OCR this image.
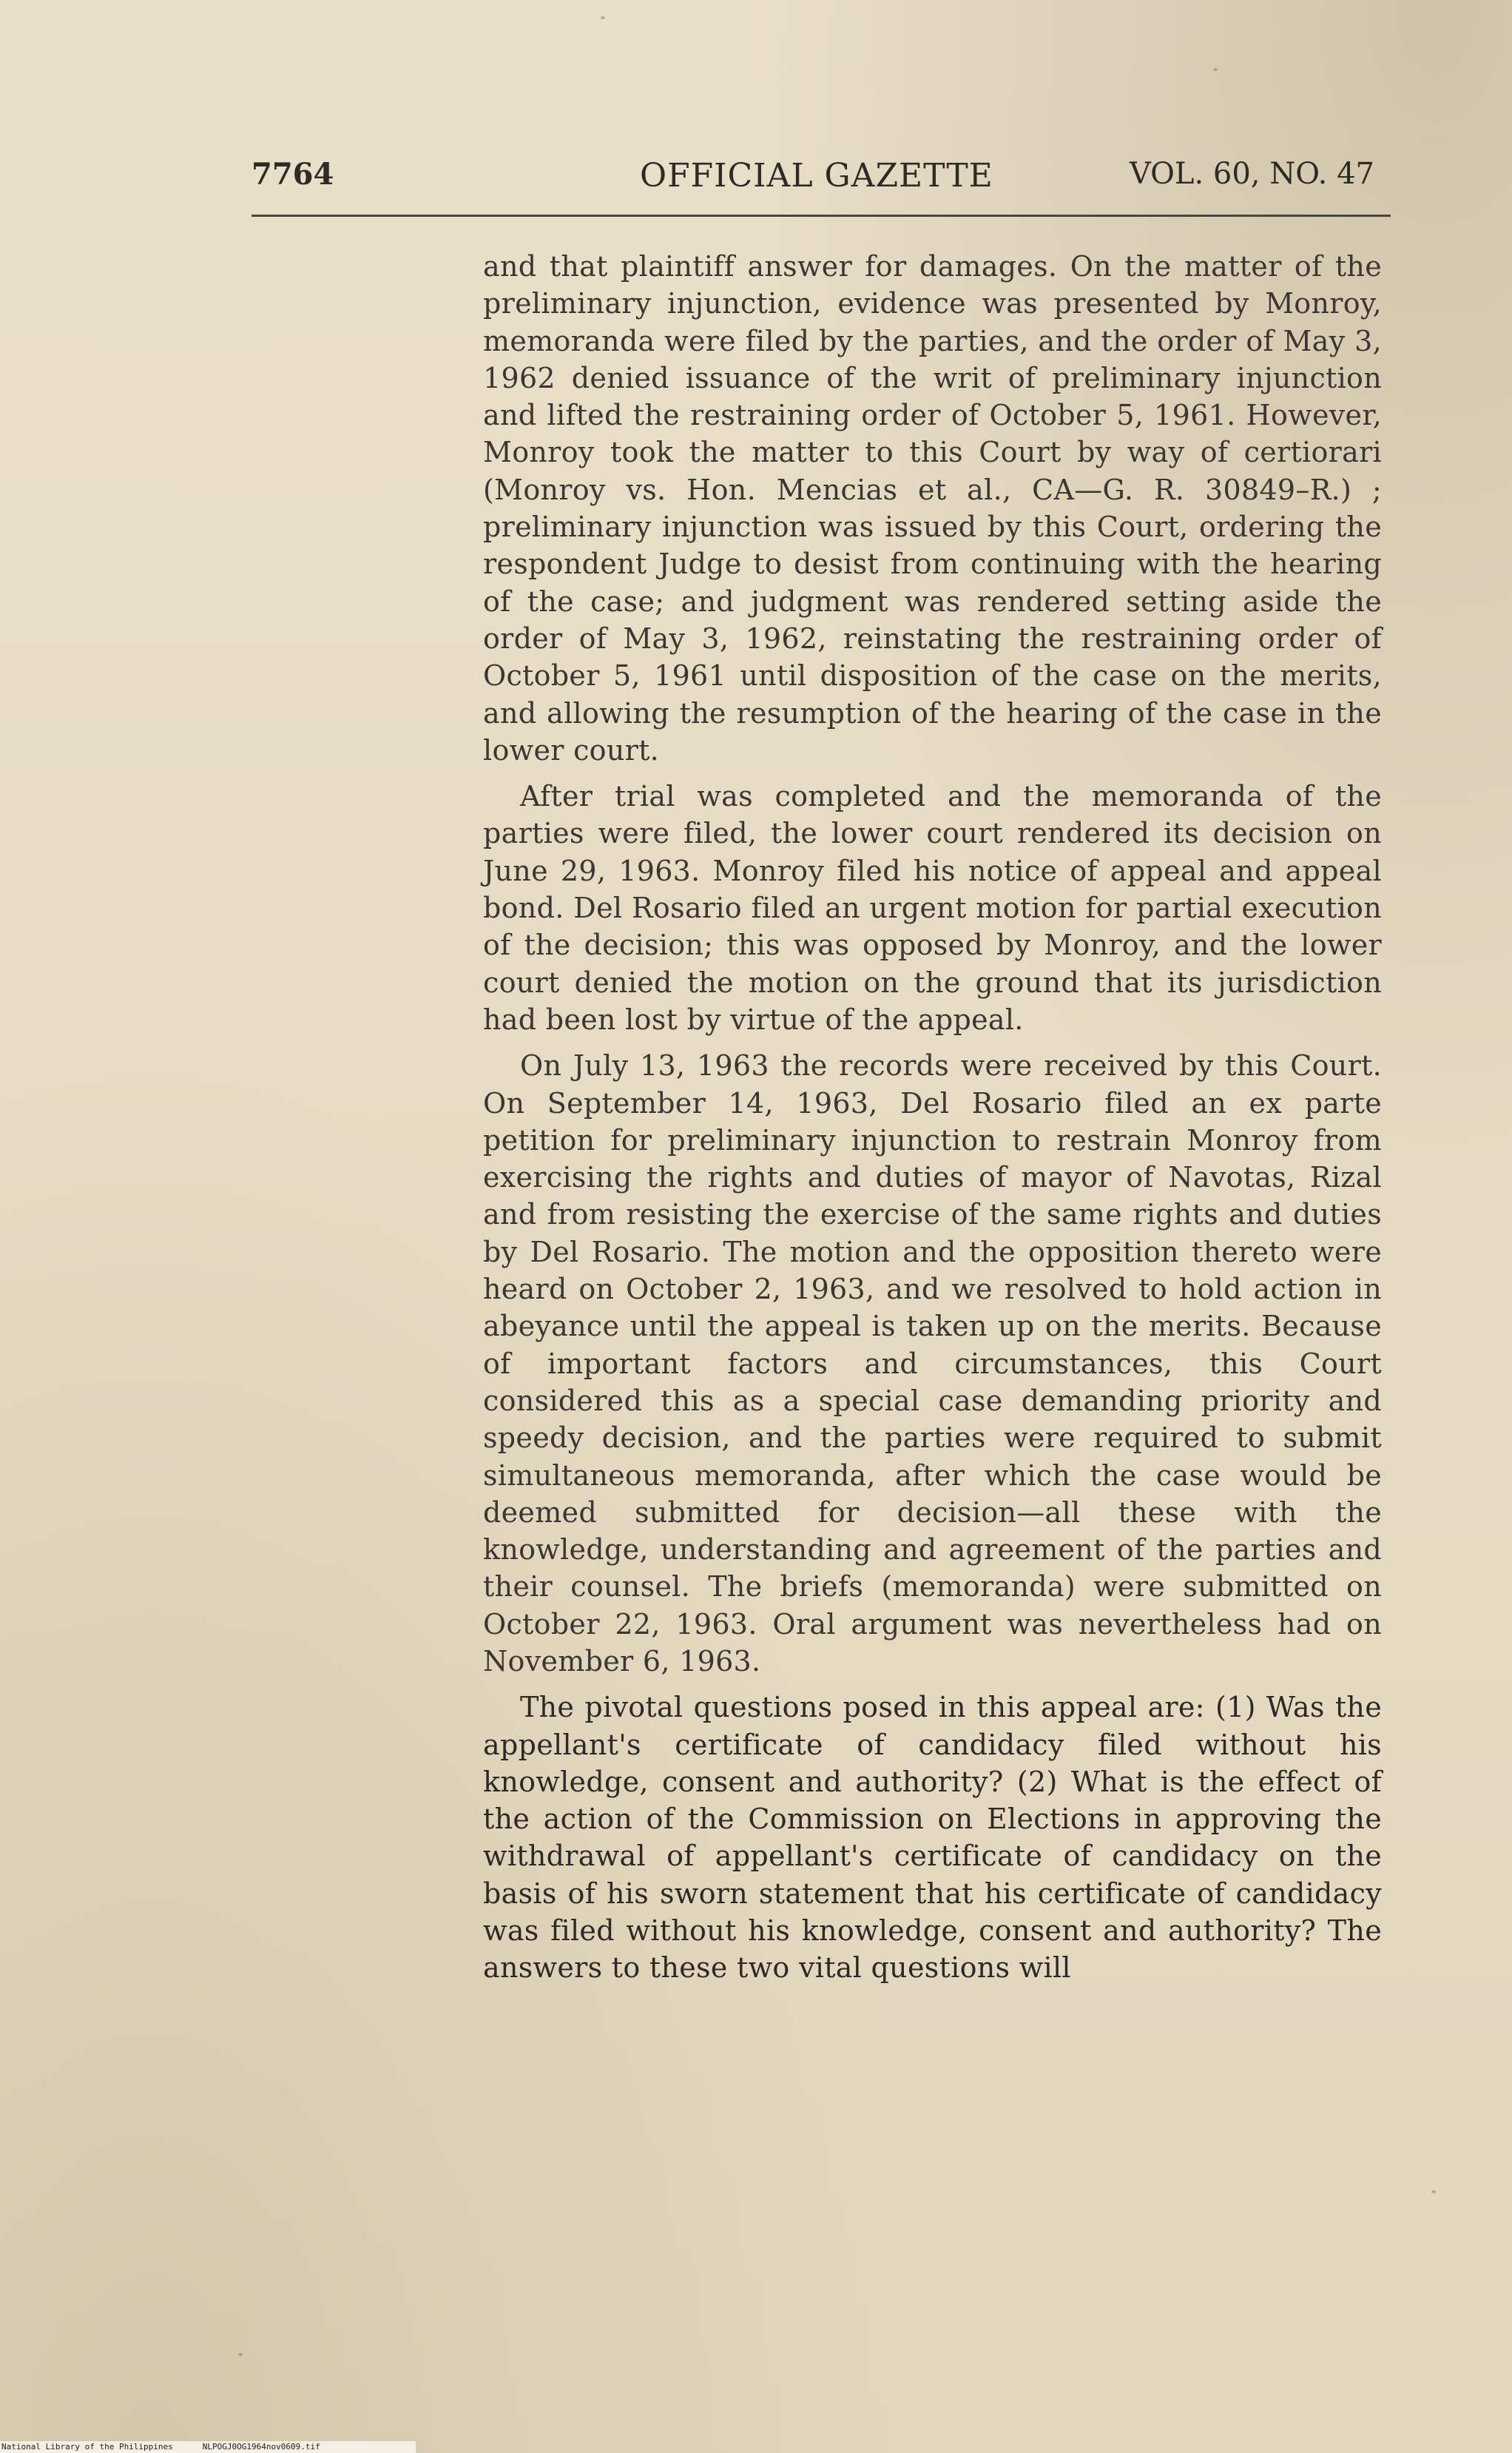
7764	OFFICIAL GAZETTE	VOL. 60, NO. 47

and that plaintiff answer for damages. On the matter of the preliminary injunction, evidence was presented by Monroy, memoranda were filed by the parties, and the order of May 3, 1962 denied issuance of the writ of preliminary injunction and lifted the restraining order of October 5, 1961. However, Monroy took the matter to this Court by way of certiorari (Monroy vs. Hon. Mencias et al., CA—G. R. 30849–R.) ; preliminary injunction was issued by this Court, ordering the respondent Judge to desist from continuing with the hearing of the case; and judgment was rendered setting aside the order of May 3, 1962, reinstating the restraining order of October 5, 1961 until disposition of the case on the merits, and allowing the resumption of the hearing of the case in the lower court.

After trial was completed and the memoranda of the parties were filed, the lower court rendered its decision on June 29, 1963. Monroy filed his notice of appeal and appeal bond. Del Rosario filed an urgent motion for partial execution of the decision; this was opposed by Monroy, and the lower court denied the motion on the ground that its jurisdiction had been lost by virtue of the appeal.

On July 13, 1963 the records were received by this Court. On September 14, 1963, Del Rosario filed an ex parte petition for preliminary injunction to restrain Monroy from exercising the rights and duties of mayor of Navotas, Rizal and from resisting the exercise of the same rights and duties by Del Rosario. The motion and the opposition thereto were heard on October 2, 1963, and we resolved to hold action in abeyance until the appeal is taken up on the merits. Because of important factors and circumstances, this Court considered this as a special case demanding priority and speedy decision, and the parties were required to submit simultaneous memoranda, after which the case would be deemed submitted for decision—all these with the knowledge, understanding and agreement of the parties and their counsel. The briefs (memoranda) were submitted on October 22, 1963. Oral argument was nevertheless had on November 6, 1963.

The pivotal questions posed in this appeal are: (1) Was the appellant's certificate of candidacy filed without his knowledge, consent and authority? (2) What is the effect of the action of the Commission on Elections in approving the withdrawal of appellant's certificate of candidacy on the basis of his sworn statement that his certificate of candidacy was filed without his knowledge, consent and authority? The answers to these two vital questions will

National Library of the Philippines	NLPOGJ0OG1964nov0609.tif
